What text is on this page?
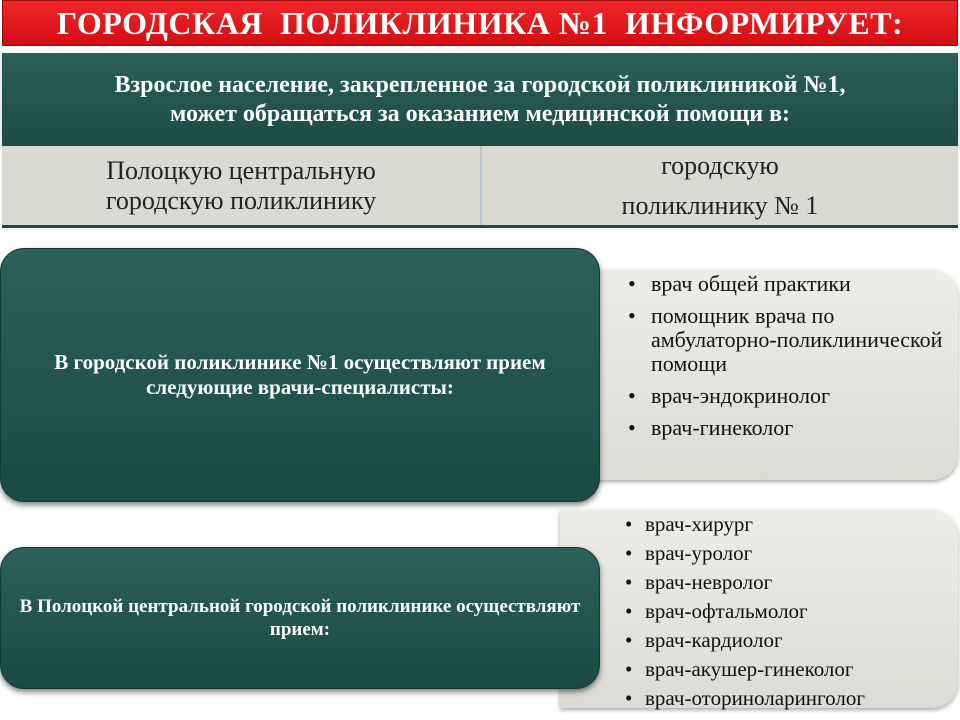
ГОРОДСКАЯ  ПОЛИКЛИНИКА №1  ИНФОРМИРУЕТ:
Взрослое население, закрепленное за городской поликлиникой №1,
может обращаться за оказанием медицинской помощи в:
Полоцкую центральную
городскую поликлинику
городскую
поликлинику № 1
• врач общей практики
• помощник врача по амбулаторно-поликлинической помощи
• врач-эндокринолог
• врач-гинеколог
В городской поликлинике №1 осуществляют прием следующие врачи-специалисты:
• врач-хирург
• врач-уролог
• врач-невролог
• врач-офтальмолог
• врач-кардиолог
• врач-акушер-гинеколог
• врач-оториноларинголог
В Полоцкой центральной городской поликлинике осуществляют прием:
